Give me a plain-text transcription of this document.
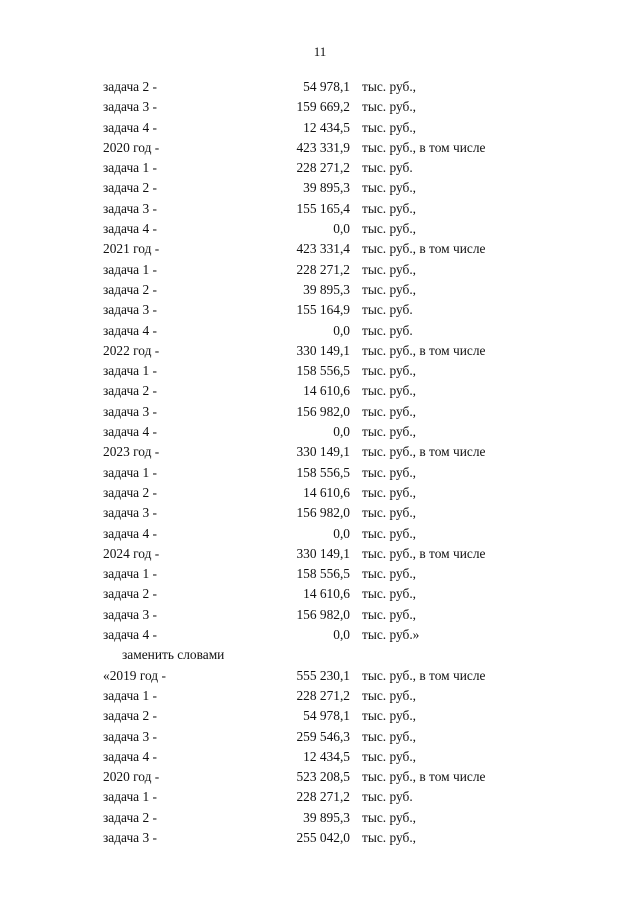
11
задача 2 -	54 978,1 тыс. руб.,
задача 3 -	159 669,2 тыс. руб.,
задача 4 -	12 434,5 тыс. руб.,
2020 год -	423 331,9 тыс. руб., в том числе
задача 1 -	228 271,2 тыс. руб.
задача 2 -	39 895,3 тыс. руб.,
задача 3 -	155 165,4 тыс. руб.,
задача 4 -	0,0 тыс. руб.,
2021 год -	423 331,4 тыс. руб., в том числе
задача 1 -	228 271,2 тыс. руб.,
задача 2 -	39 895,3 тыс. руб.,
задача 3 -	155 164,9 тыс. руб.
задача 4 -	0,0 тыс. руб.
2022 год -	330 149,1 тыс. руб., в том числе
задача 1 -	158 556,5 тыс. руб.,
задача 2 -	14 610,6 тыс. руб.,
задача 3 -	156 982,0 тыс. руб.,
задача 4 -	0,0 тыс. руб.,
2023 год -	330 149,1 тыс. руб., в том числе
задача 1 -	158 556,5 тыс. руб.,
задача 2 -	14 610,6 тыс. руб.,
задача 3 -	156 982,0 тыс. руб.,
задача 4 -	0,0 тыс. руб.,
2024 год -	330 149,1 тыс. руб., в том числе
задача 1 -	158 556,5 тыс. руб.,
задача 2 -	14 610,6 тыс. руб.,
задача 3 -	156 982,0 тыс. руб.,
задача 4 -	0,0 тыс. руб.»
заменить словами
«2019 год -	555 230,1 тыс. руб., в том числе
задача 1 -	228 271,2 тыс. руб.,
задача 2 -	54 978,1 тыс. руб.,
задача 3 -	259 546,3 тыс. руб.,
задача 4 -	12 434,5 тыс. руб.,
2020 год -	523 208,5 тыс. руб., в том числе
задача 1 -	228 271,2 тыс. руб.
задача 2 -	39 895,3 тыс. руб.,
задача 3 -	255 042,0 тыс. руб.,
